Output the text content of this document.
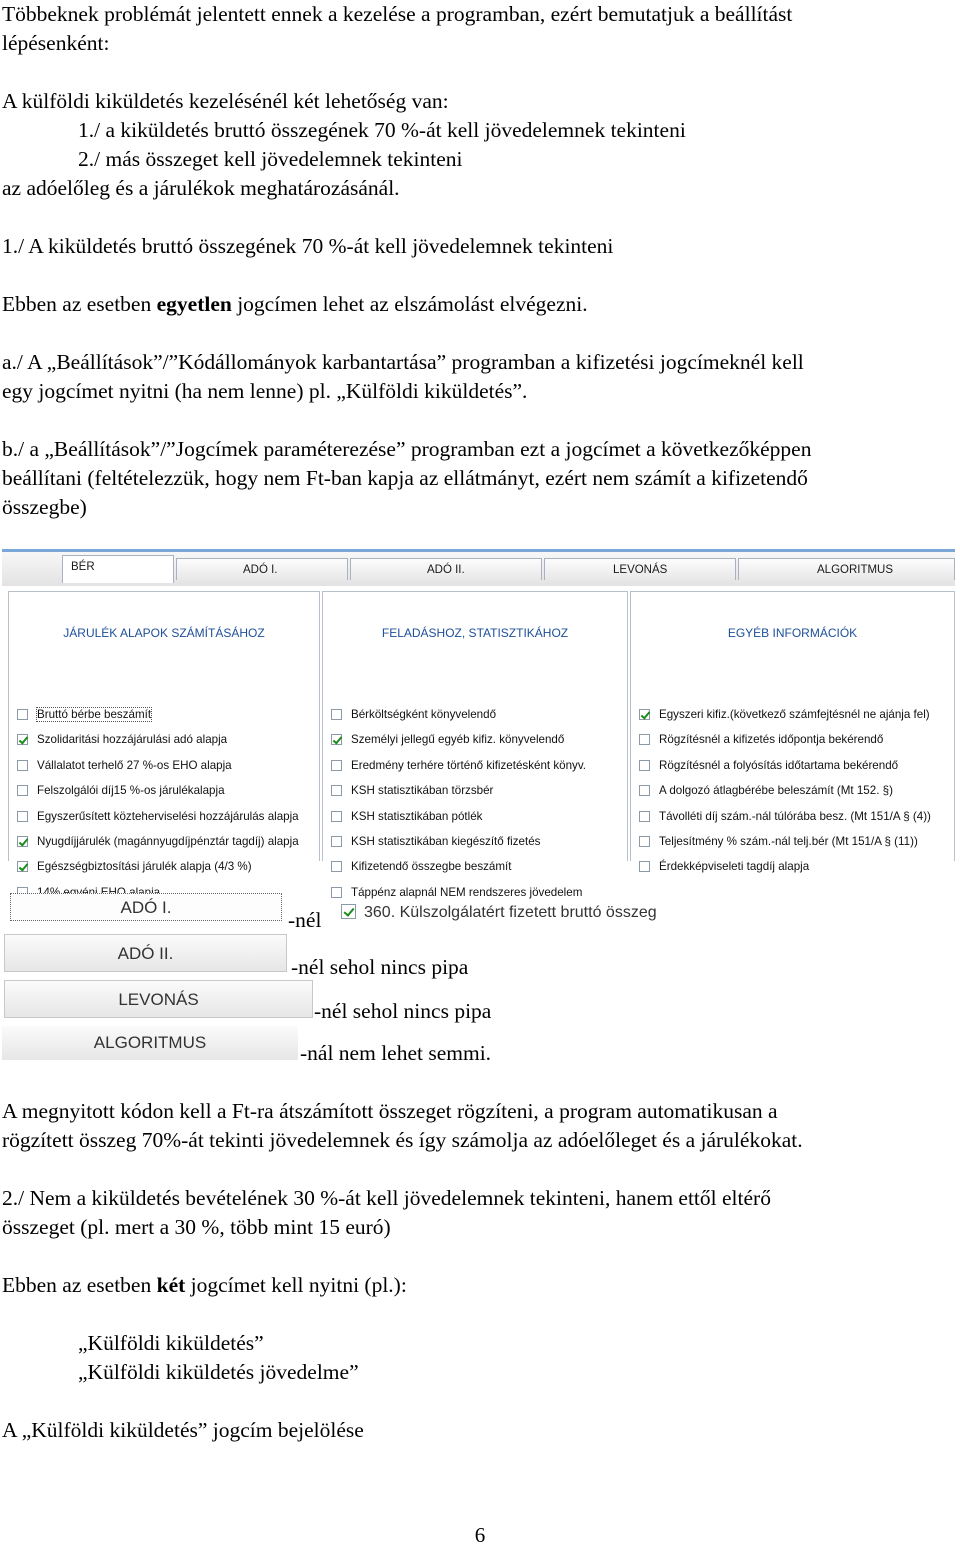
Többeknek problémát jelentett ennek a kezelése a programban, ezért bemutatjuk a beállítást
lépésenként:
A külföldi kiküldetés kezelésénél két lehetőség van:
1./ a kiküldetés bruttó összegének 70 %-át kell jövedelemnek tekinteni
2./ más összeget kell jövedelemnek tekinteni
az adóelőleg és a járulékok meghatározásánál.
1./ A kiküldetés bruttó összegének 70 %-át kell jövedelemnek tekinteni
Ebben az esetben egyetlen jogcímen lehet az elszámolást elvégezni.
a./ A „Beállítások”/”Kódállományok karbantartása” programban a kifizetési jogcímeknél kell
egy jogcímet nyitni (ha nem lenne) pl. „Külföldi kiküldetés”.
b./ a „Beállítások”/”Jogcímek paraméterezése” programban ezt a jogcímet a következőképpen
beállítani (feltételezzük, hogy nem Ft-ban kapja az ellátmányt, ezért nem számít a kifizetendő
összegbe)
BÉR	ADÓ I.	ADÓ II.	LEVONÁS	ALGORITMUS
JÁRULÉK ALAPOK SZÁMÍTÁSÁHOZ
Bruttó bérbe beszámít
Szolidaritási hozzájárulási adó alapja
Vállalatot terhelő 27 %-os EHO alapja
Felszolgálói díj15 %-os járulékalapja
Egyszerűsített közteherviselési hozzájárulás alapja
Nyugdíjjárulék (magánnyugdíjpénztár tagdíj) alapja
Egészségbiztosítási járulék alapja (4/3 %)
FELADÁSHOZ, STATISZTIKÁHOZ
Bérköltségként könyvelendő
Személyi jellegű egyéb kifiz. könyvelendő
Eredmény terhére történő kifizetésként könyv.
KSH statisztikában törzsbér
KSH statisztikában pótlék
KSH statisztikában kiegészítő fizetés
Kifizetendő összegbe beszámít
Táppénz alapnál NEM rendszeres jövedelem
EGYÉB INFORMÁCIÓK
Egyszeri kifiz.(következő számfejtésnél ne ajánja fel)
Rögzítésnél a kifizetés időpontja bekérendő
Rögzítésnél a folyósítás időtartama bekérendő
A dolgozó átlagbérébe beleszámít (Mt 152. §)
Távolléti díj szám.-nál túlórába besz. (Mt 151/A § (4))
Teljesítmény % szám.-nál telj.bér (Mt 151/A § (11))
Érdekképviseleti tagdíj alapja
ADÓ I.
-nél	360. Külszolgálatért fizetett bruttó összeg
ADÓ II.
-nél sehol nincs pipa
LEVONÁS	-nél sehol nincs pipa
ALGORITMUS	-nál nem lehet semmi.
A megnyitott kódon kell a Ft-ra átszámított összeget rögzíteni, a program automatikusan a
rögzített összeg 70%-át tekinti jövedelemnek és így számolja az adóelőleget és a járulékokat.
2./ Nem a kiküldetés bevételének 30 %-át kell jövedelemnek tekinteni, hanem ettől eltérő
összeget (pl. mert a 30 %, több mint 15 euró)
Ebben az esetben két jogcímet kell nyitni (pl.):
„Külföldi kiküldetés”
„Külföldi kiküldetés jövedelme”
A „Külföldi kiküldetés” jogcím bejelölése
6
